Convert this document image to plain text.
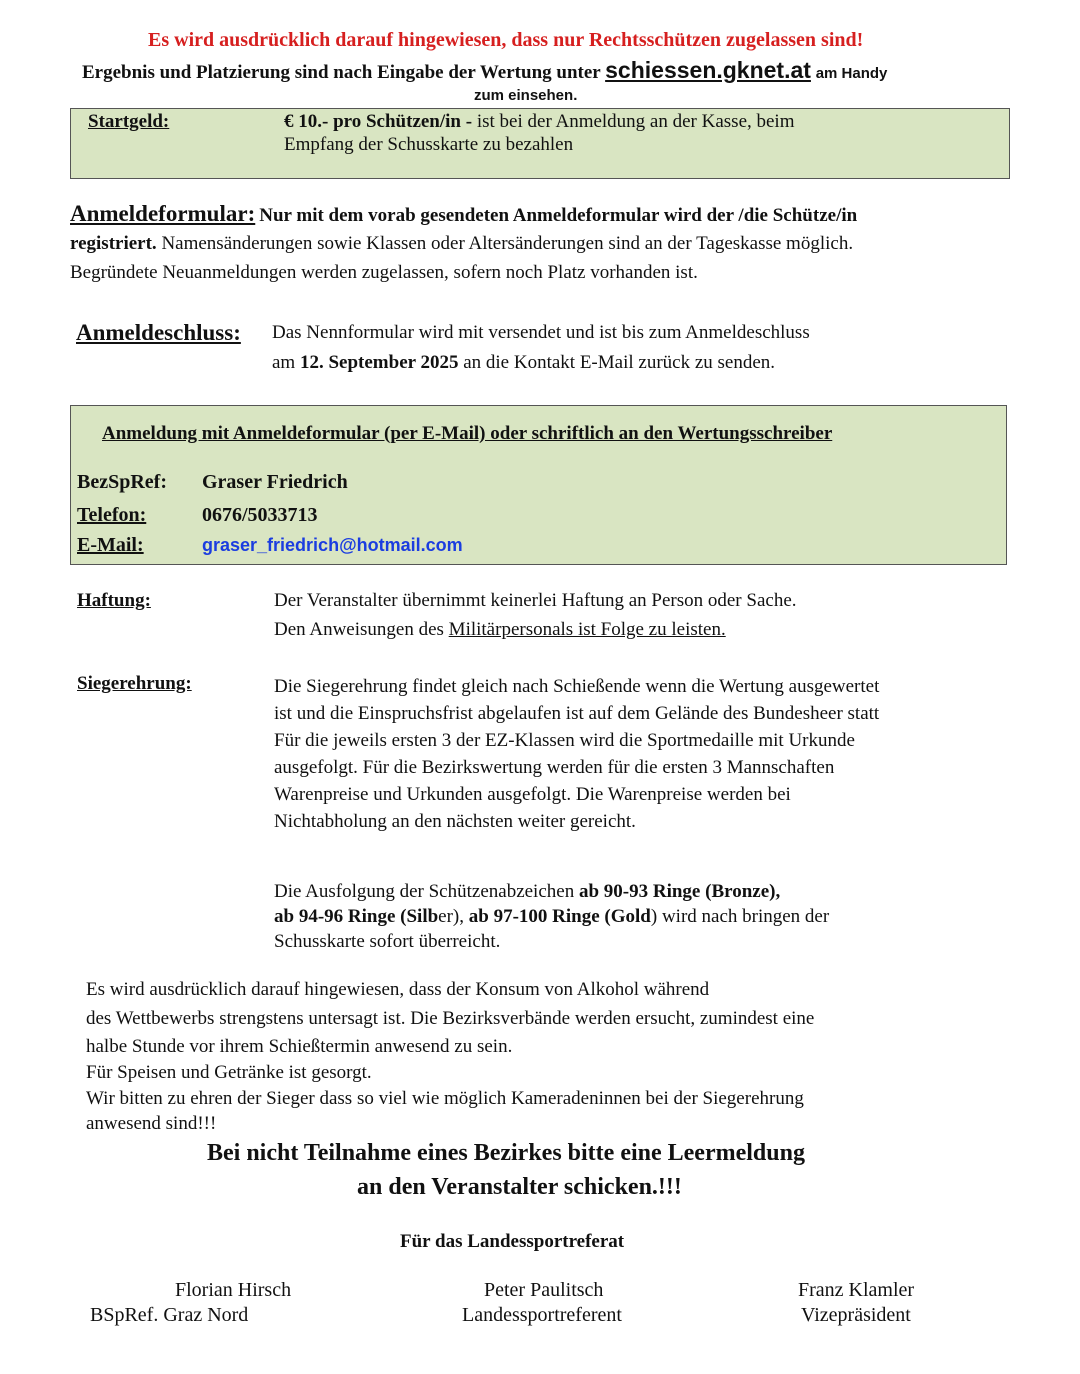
Es wird ausdrücklich darauf hingewiesen, dass nur Rechtsschützen zugelassen sind!
Ergebnis und Platzierung sind nach Eingabe der Wertung unter schiessen.gknet.at am Handy
zum einsehen.
Startgeld:	€ 10.- pro Schützen/in - ist bei der Anmeldung an der Kasse, beim
Empfang der Schusskarte zu bezahlen
Anmeldeformular: Nur mit dem vorab gesendeten Anmeldeformular wird der /die Schütze/in
registriert. Namensänderungen sowie Klassen oder Altersänderungen sind an der Tageskasse möglich.
Begründete Neuanmeldungen werden zugelassen, sofern noch Platz vorhanden ist.
Anmeldeschluss: Das Nennformular wird mit versendet und ist bis zum Anmeldeschluss
am 12. September 2025 an die Kontakt E-Mail zurück zu senden.
Anmeldung mit Anmeldeformular (per E-Mail) oder schriftlich an den Wertungsschreiber
BezSpRef: Graser Friedrich
Telefon:	0676/5033713
E-Mail:	graser_friedrich@hotmail.com
Haftung:	Der Veranstalter übernimmt keinerlei Haftung an Person oder Sache.
Den Anweisungen des Militärpersonals ist Folge zu leisten.
Siegerehrung:	Die Siegerehrung findet gleich nach Schießende wenn die Wertung ausgewertet
ist und die Einspruchsfrist abgelaufen ist auf dem Gelände des Bundesheer statt
Für die jeweils ersten 3 der EZ-Klassen wird die Sportmedaille mit Urkunde
ausgefolgt. Für die Bezirkswertung werden für die ersten 3 Mannschaften
Warenpreise und Urkunden ausgefolgt. Die Warenpreise werden bei
Nichtabholung an den nächsten weiter gereicht.
Die Ausfolgung der Schützenabzeichen ab 90-93 Ringe (Bronze),
ab 94-96 Ringe (Silber), ab 97-100 Ringe (Gold) wird nach bringen der
Schusskarte sofort überreicht.
Es wird ausdrücklich darauf hingewiesen, dass der Konsum von Alkohol während
des Wettbewerbs strengstens untersagt ist. Die Bezirksverbände werden ersucht, zumindest eine
halbe Stunde vor ihrem Schießtermin anwesend zu sein.
Für Speisen und Getränke ist gesorgt.
Wir bitten zu ehren der Sieger dass so viel wie möglich Kameradeninnen bei der Siegerehrung
anwesend sind!!!
Bei nicht Teilnahme eines Bezirkes bitte eine Leermeldung
an den Veranstalter schicken.!!!
Für das Landessportreferat
Florian Hirsch
BSpRef. Graz Nord
Peter Paulitsch
Landessportreferent
Franz Klamler
Vizepräsident
